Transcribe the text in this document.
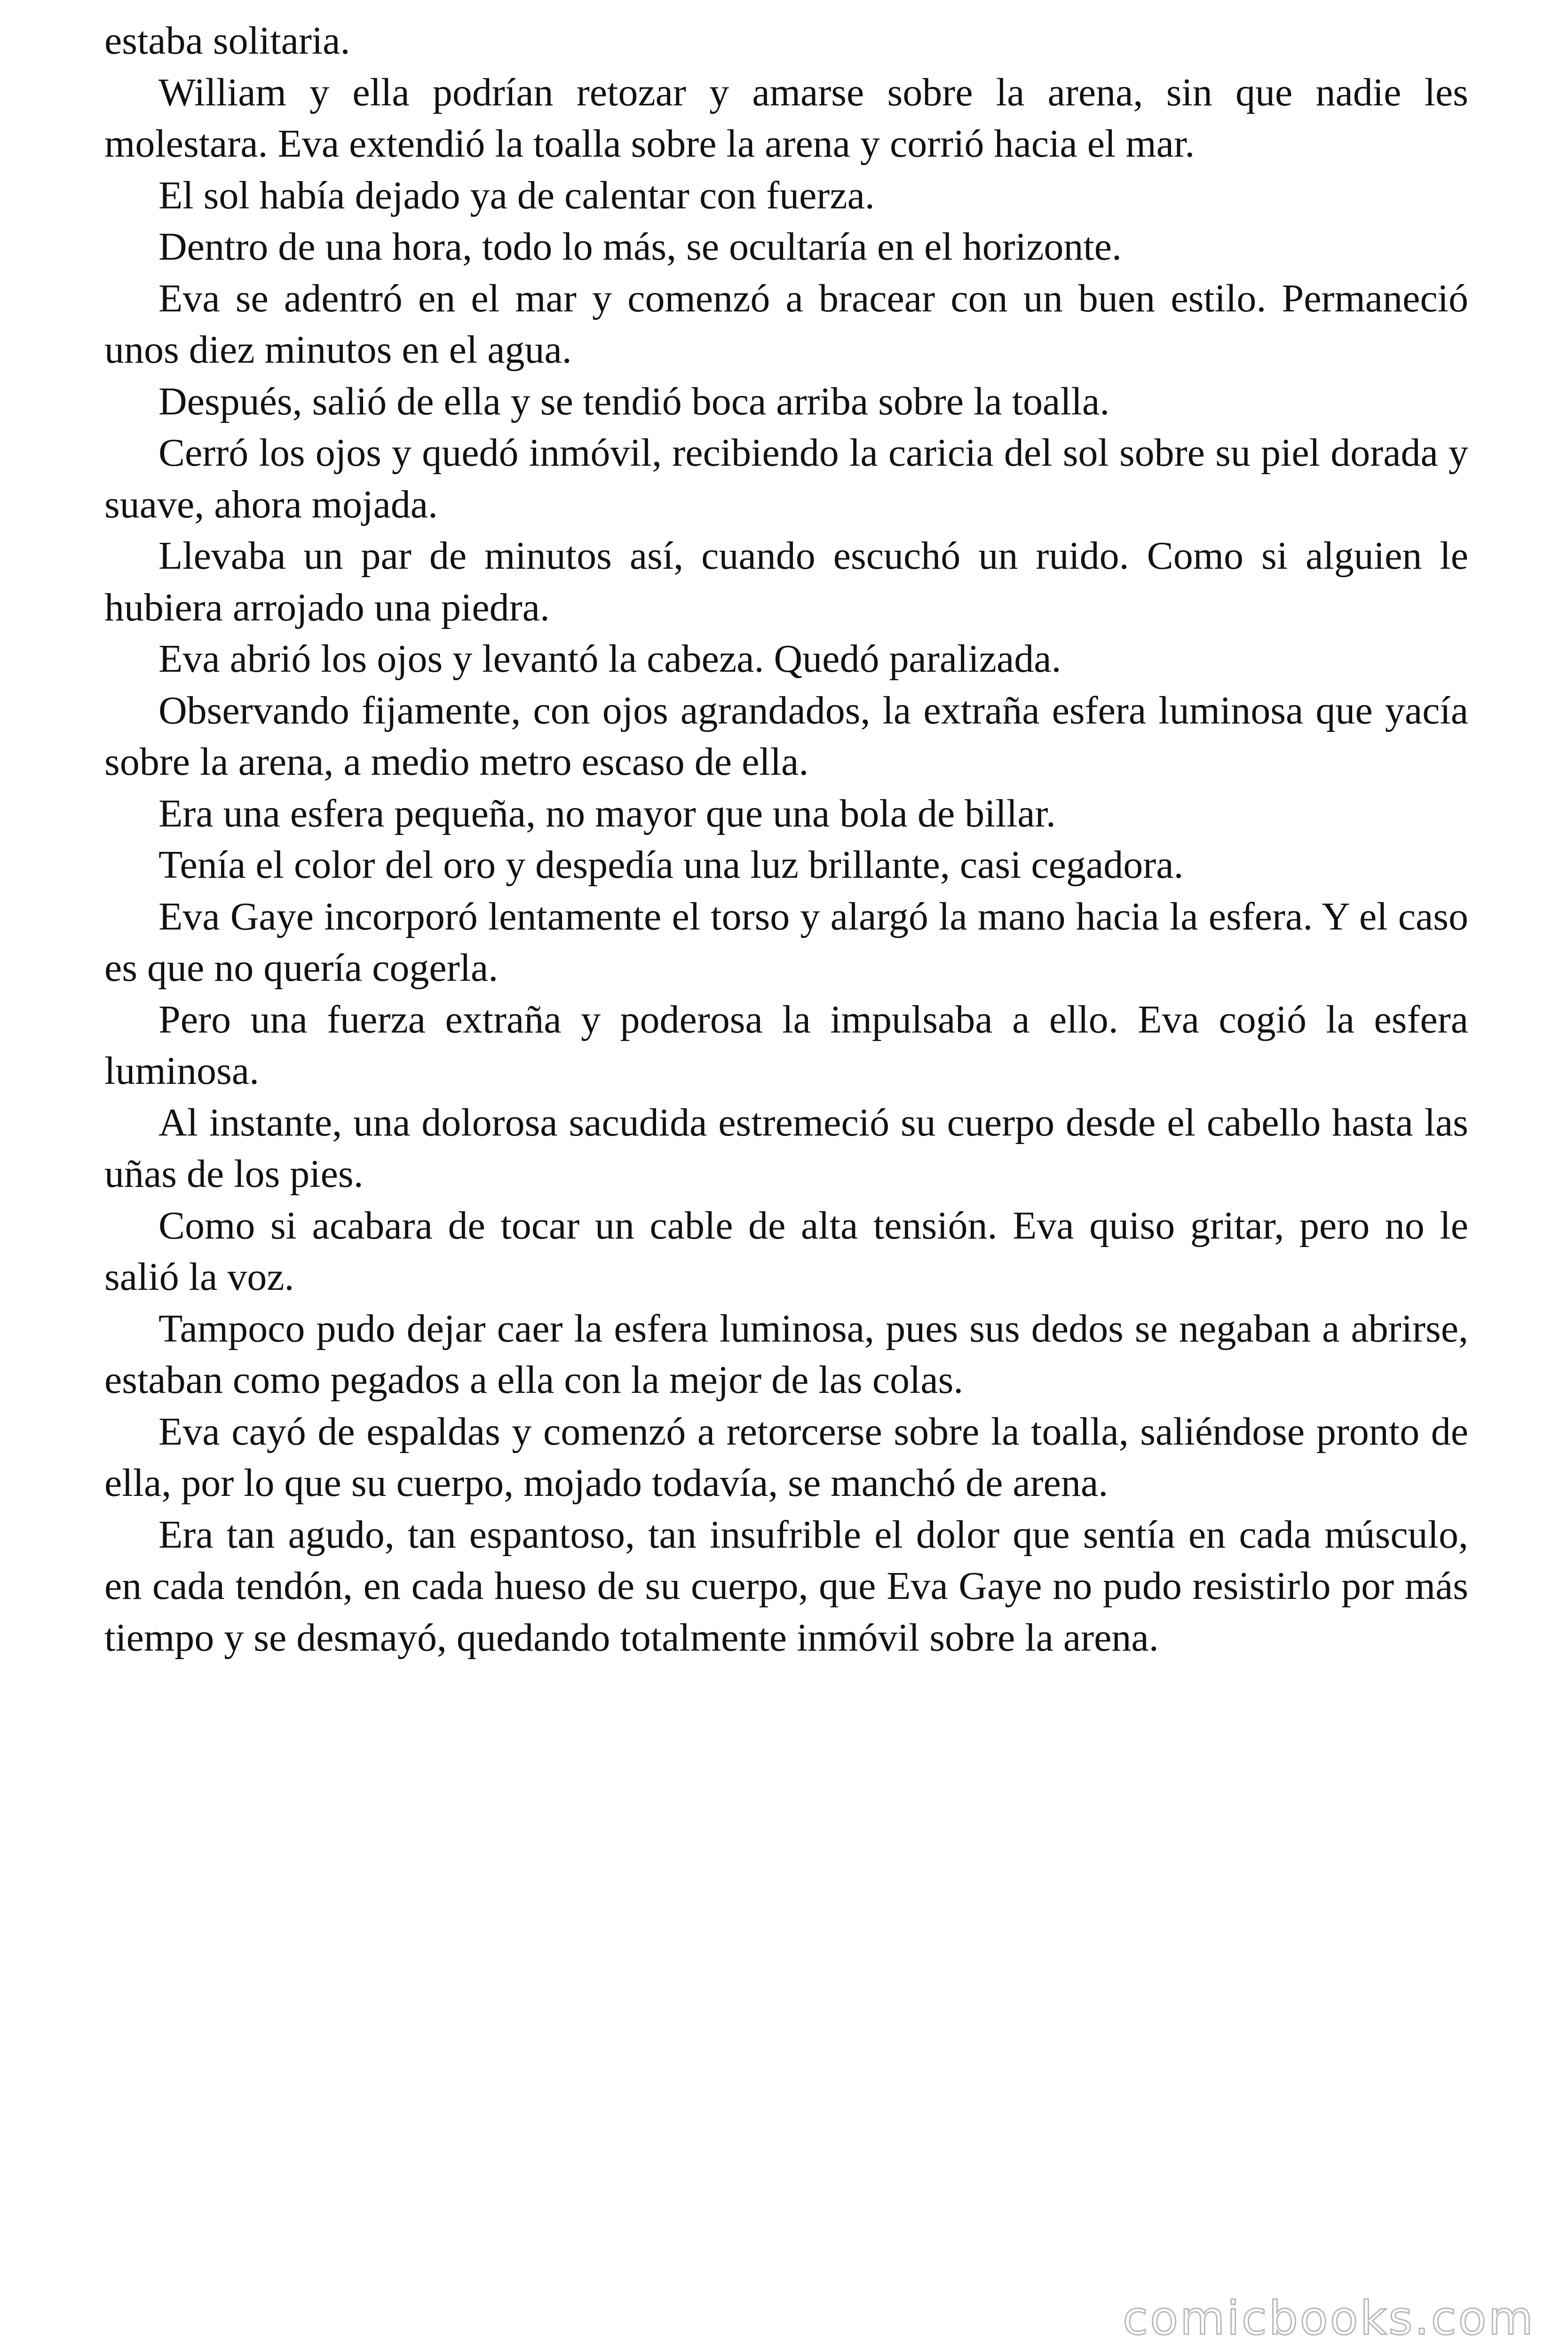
estaba solitaria.

William y ella podrían retozar y amarse sobre la arena, sin que nadie les molestara. Eva extendió la toalla sobre la arena y corrió hacia el mar.

El sol había dejado ya de calentar con fuerza.

Dentro de una hora, todo lo más, se ocultaría en el horizonte.

Eva se adentró en el mar y comenzó a bracear con un buen estilo. Permaneció unos diez minutos en el agua.

Después, salió de ella y se tendió boca arriba sobre la toalla.

Cerró los ojos y quedó inmóvil, recibiendo la caricia del sol sobre su piel dorada y suave, ahora mojada.

Llevaba un par de minutos así, cuando escuchó un ruido. Como si alguien le hubiera arrojado una piedra.

Eva abrió los ojos y levantó la cabeza. Quedó paralizada.

Observando fijamente, con ojos agrandados, la extraña esfera luminosa que yacía sobre la arena, a medio metro escaso de ella.

Era una esfera pequeña, no mayor que una bola de billar.

Tenía el color del oro y despedía una luz brillante, casi cegadora.

Eva Gaye incorporó lentamente el torso y alargó la mano hacia la esfera. Y el caso es que no quería cogerla.

Pero una fuerza extraña y poderosa la impulsaba a ello. Eva cogió la esfera luminosa.

Al instante, una dolorosa sacudida estremeció su cuerpo desde el cabello hasta las uñas de los pies.

Como si acabara de tocar un cable de alta tensión. Eva quiso gritar, pero no le salió la voz.

Tampoco pudo dejar caer la esfera luminosa, pues sus dedos se negaban a abrirse, estaban como pegados a ella con la mejor de las colas.

Eva cayó de espaldas y comenzó a retorcerse sobre la toalla, saliéndose pronto de ella, por lo que su cuerpo, mojado todavía, se manchó de arena.

Era tan agudo, tan espantoso, tan insufrible el dolor que sentía en cada músculo, en cada tendón, en cada hueso de su cuerpo, que Eva Gaye no pudo resistirlo por más tiempo y se desmayó, quedando totalmente inmóvil sobre la arena.

comicbooks.com
